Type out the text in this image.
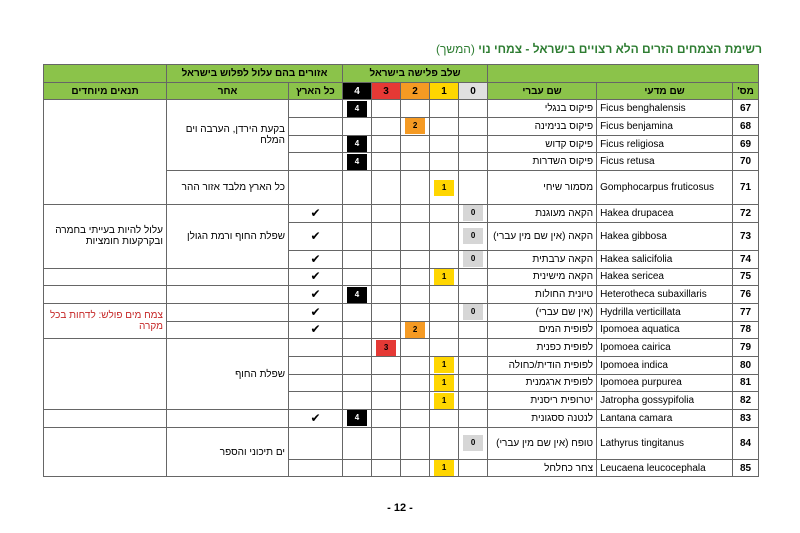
רשימת הצמחים הזרים הלא רצויים בישראל - צמחי נוי (המשך)
			שלב פלישה בישראל					אזורים בהם עלול לפלוש בישראל		
מס'	שם מדעי	שם עברי	0	1	2	3	4	כל הארץ	אחר	תנאים מיוחדים
67	Ficus benghalensis	פיקוס בנגלי					4		בקעת הירדן, הערבה וים המלח	
68	Ficus benjamina	פיקוס בנימינה			2					
69	Ficus religiosa	פיקוס קדוש					4			
70	Ficus retusa	פיקוס השדרות					4			
71	Gomphocarpus fruticosus	מסמור שיחי		1					כל הארץ מלבד אזור ההר	
72	Hakea drupacea	הקאה מעוגנת	0					✔	שפלת החוף ורמת הגולן	עלול להיות בעייתי בחמרה ובקרקעות חומציות
73	Hakea gibbosa	הקאה (אין שם מין עברי)	0					✔		
74	Hakea salicifolia	הקאה ערבתית	0					✔		
75	Hakea sericea	הקאה מישינית		1				✔		
76	Heterotheca subaxillaris	טיונית החולות					4	✔		
77	Hydrilla verticillata	(אין שם עברי)	0					✔		צמח מים פולש: לדחות בכל מקרה
78	Ipomoea aquatica	לפופית המים			2			✔		
79	Ipomoea cairica	לפופית כפנית				3			שפלת החוף	
80	Ipomoea indica	לפופית הודית/כחולה		1						
81	Ipomoea purpurea	לפופית ארגמנית		1						
82	Jatropha gossypifolia	יטרופית ריסנית		1						
83	Lantana camara	לנטנה ססגונית					4	✔		
84	Lathyrus tingitanus	טופח (אין שם מין עברי)	0						ים תיכוני והספר	
85	Leucaena leucocephala	צחר כחלחל		1						
- 12 -
